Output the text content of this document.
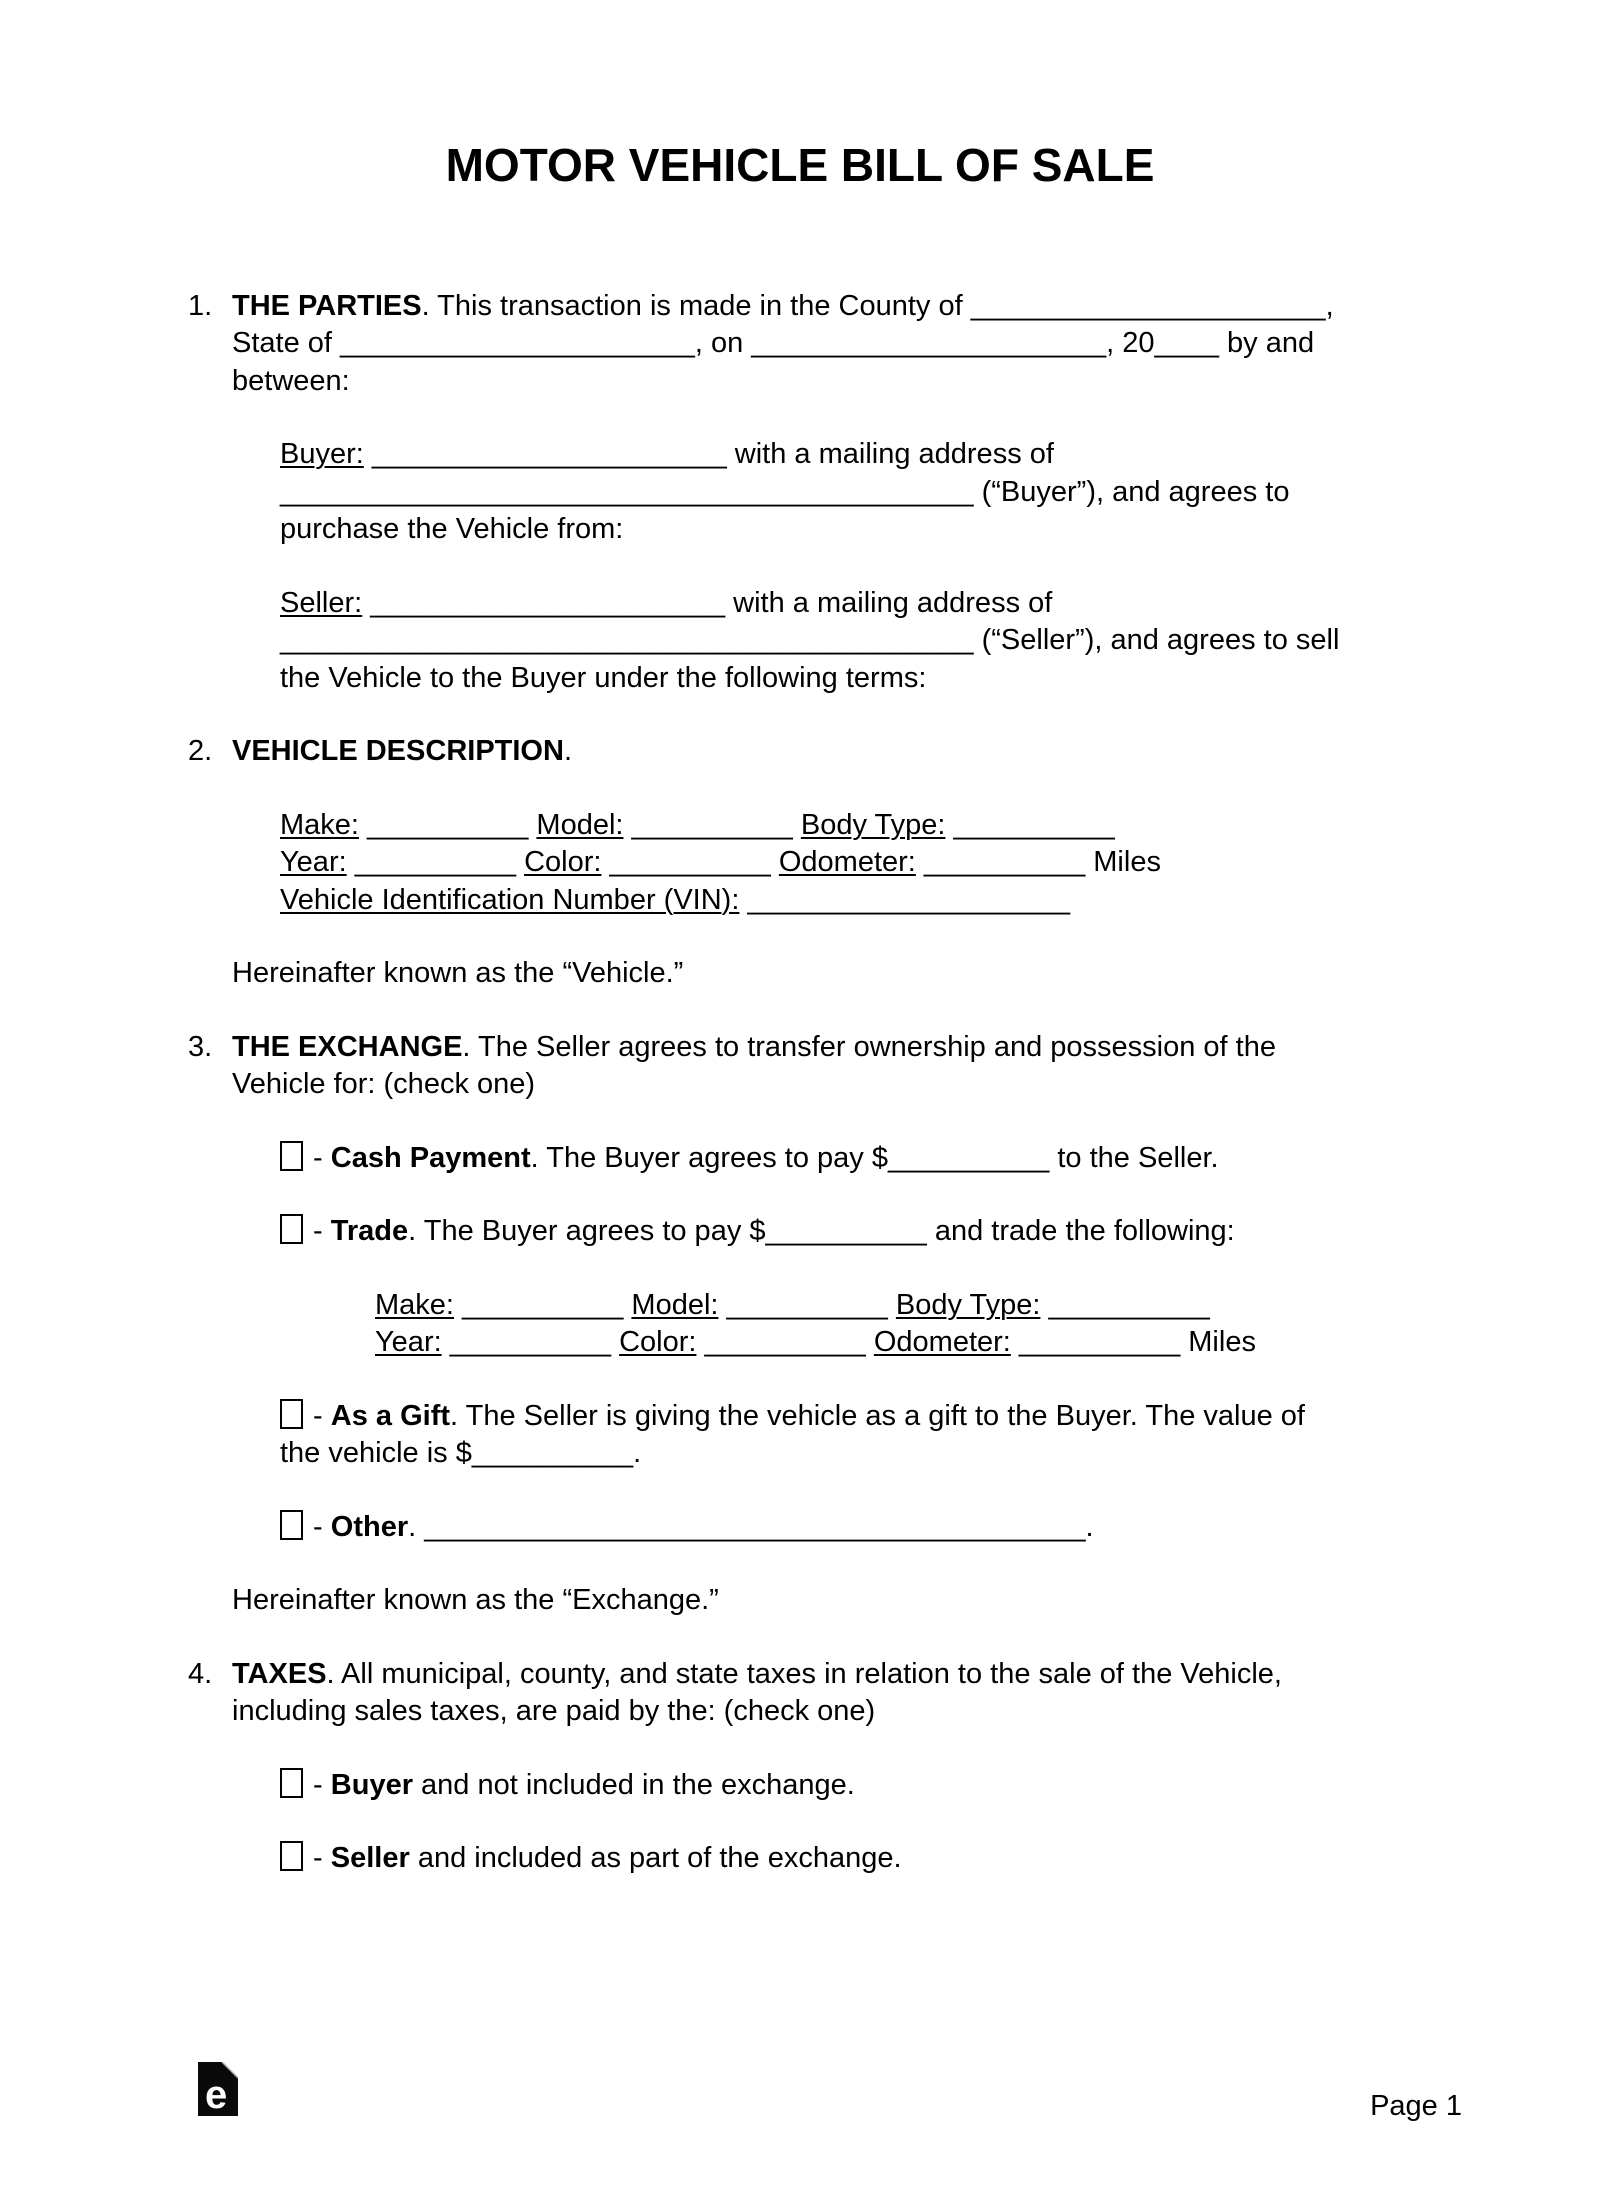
MOTOR VEHICLE BILL OF SALE
1. THE PARTIES. This transaction is made in the County of ______________________,
State of ______________________, on ______________________, 20____ by and
between:
Buyer: ______________________ with a mailing address of
___________________________________________ (“Buyer”), and agrees to
purchase the Vehicle from:
Seller: ______________________ with a mailing address of
___________________________________________ (“Seller”), and agrees to sell
the Vehicle to the Buyer under the following terms:
2. VEHICLE DESCRIPTION.
Make: __________ Model: __________ Body Type: __________
Year: __________ Color: __________ Odometer: __________ Miles
Vehicle Identification Number (VIN): ____________________
Hereinafter known as the “Vehicle.”
3. THE EXCHANGE. The Seller agrees to transfer ownership and possession of the
Vehicle for: (check one)
- Cash Payment. The Buyer agrees to pay $__________ to the Seller.
- Trade. The Buyer agrees to pay $__________ and trade the following:
Make: __________ Model: __________ Body Type: __________
Year: __________ Color: __________ Odometer: __________ Miles
- As a Gift. The Seller is giving the vehicle as a gift to the Buyer. The value of
the vehicle is $__________.
- Other. _________________________________________.
Hereinafter known as the “Exchange.”
4. TAXES. All municipal, county, and state taxes in relation to the sale of the Vehicle,
including sales taxes, are paid by the: (check one)
- Buyer and not included in the exchange.
- Seller and included as part of the exchange.
e	Page 1
